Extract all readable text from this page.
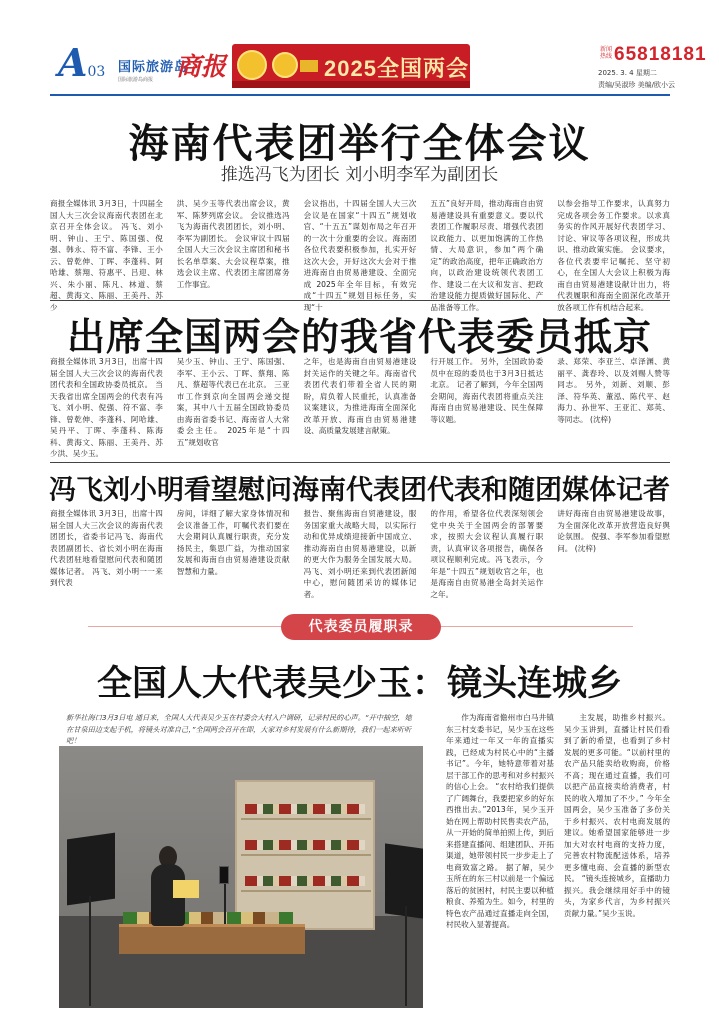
A03 国际旅游岛
商报
国际旅游岛商报	2025全国两会
新闻热线 65818181
2025. 3. 4 星期二
责编/吴淑珍 美编/欧小云
海南代表团举行全体会议
推选冯飞为团长 刘小明李军为副团长
商报全媒体讯 3月3日，十四届全国人大三次会议海南代表团在北京召开全体会议。 冯飞、刘小明、钟山、王宁、陈国强、倪强、韩永、符不富、李锋、王小云、曾乾伸、丁晖、李蓬科、阿哈雄、蔡翔、符惠平、吕迎、林兴、朱小丽、陈凡、林道、蔡超、黄海文、陈丽、王美丹、苏少
洪、吴少玉等代表出席会议，黄军、陈梦列席会议。 会议推选冯飞为海南代表团团长，刘小明、李军为副团长。 会议审议十四届全国人大三次会议主席团和秘书长名单草案、大会议程草案，推选会议主席、代表团主席团席务工作事宜。
会议指出，十四届全国人大三次会议是在国家“十四五”规划收官、“十五五”谋划布局之年召开的一次十分重要的会议。海南团各位代表要积极参加，扎实开好这次大会，开好这次大会对于推进海南自由贸易港建设、全面完成 2025年全年目标，有效完成“十四五”规划目标任务，实现“十
五五”良好开局，推动海南自由贸易港建设具有重要意义。要以代表团工作履职尽责、增强代表团议政能力、以更加饱满的工作热情、大局意识，参加“两个确定”的政治高度，把年正确政治方向，以政治建设统领代表团工作、建设二在大议和发言、把政治建设能力提质做好国际化、产品准备等工作。
以参会指导工作要求，认真努力完成各项会务工作要求。以求真务实的作风开展好代表团学习、讨论、审议等各项议程，形成共识、推动政策实施。 会议要求，各位代表要牢记嘱托、坚守初心，在全国人大会议上积极为海南自由贸易港建设献计出力，将代表履职和海南全面深化改革开放各项工作有机结合起来。
出席全国两会的我省代表委员抵京
商报全媒体讯 3月3日，出席十四届全国人大三次会议的海南代表团代表和全国政协委员抵京。 当天我省出席全国两会的代表有冯飞、刘小明、倪强、符不富、李锋、曾乾伸、李蓬科、阿哈雄、吴丹平、丁晖、李蓬科、陈海科、黄海文、陈丽、王美丹、苏少洪、吴少玉。
吴少玉、钟山、王宁、陈国强、李军、王小云、丁晖、蔡翔、陈凡、蔡超等代表已在北京。 三亚市工作到京向全国两会递交提案，其中八十五届全国政协委员由海南省委书记、海南省人大常委会主任。 2025年是“十四五”规划收官
之年，也是海南自由贸易港建设封关运作的关键之年。海南省代表团代表们带着全省人民的期盼，肩负着人民重托，认真准备议案建议，为推进海南全面深化改革开放、海南自由贸易港建设、高质量发展建言献策。
行开展工作。 另外，全国政协委员中在琼的委员也于3月3日抵达北京。 记者了解到，今年全国两会期间，海南代表团将重点关注海南自由贸易港建设、民生保障等议题。
录、郑荣、李亚兰、卓泽渊、黄丽平、龚春玲、以及刘赐人赞等同志。 另外，刘新、刘顺、彭泽、符华英、董泓、陈代平、赵海力、孙世军、王亚汇、郑英、等同志。 (沈梓)
冯飞刘小明看望慰问海南代表团代表和随团媒体记者
商报全媒体讯 3月3日，出席十四届全国人大三次会议的海南代表团团长，省委书记冯飞、海南代表团副团长、省长刘小明在海南代表团驻地看望慰问代表和随团媒体记者。 冯飞、刘小明一一来到代表
房间，详细了解大家身体情况和会议准备工作，叮嘱代表们要在大会期间认真履行职责，充分发扬民主，集思广益，为推动国家发展和海南自由贸易港建设贡献智慧和力量。
报告、聚焦海南自贸港建设，服务国家重大战略大局，以实际行动和优异成绩迎接新中国成立、推动海南自由贸易港建设，以新的更大作为服务全国发展大局。 冯飞、刘小明还来到代表团新闻中心，慰问随团采访的媒体记者。
的作用，希望各位代表深刻领会党中央关于全国两会的部署要求，按照大会议程认真履行职责，认真审议各项报告，确保各项议程顺利完成。冯飞表示，今年是“十四五”规划收官之年，也是海南自由贸易港全岛封关运作之年。
讲好海南自由贸易港建设故事，为全面深化改革开放营造良好舆论氛围。 倪强、李军参加看望慰问。 (沈梓)
代表委员履职录
全国人大代表吴少玉：镜头连城乡
新华社海口3月3日电 通日来，全国人大代表吴少玉在村委会大村入户调研，记录村民的心声。“开中抽空，她在甘泉田边支起手机，将镜头对准自己，”全国两会召开在即，大家对乡村发展有什么新期待，我们一起来听听吧！

作为海南省儋州市白马井镇东三村支委书记，吴少玉在这些年来通过一年又一年的直播实践，已经成为村民心中的“主播书记”。今年，她特意带着对基层干部工作的思考和对乡村振兴的信心上会。 “农村给我们提供了广阔舞台，我要把家乡的好东西推出去。”2013年，吴少玉开始在网上帮助村民售卖农产品，从一开始的简单拍照上传，到后来搭建直播间、组建团队、开拓渠道，她带领村民一步步走上了电商致富之路。 据了解，吴少玉所在的东三村以前是一个偏远落后的贫困村，村民主要以种植粮食、养殖为生。如今，村里的特色农产品通过直播走向全国，村民收入显著提高。

主发展，助推乡村振兴。 吴少玉讲到，直播让村民们看到了新的希望，也看到了乡村发展的更多可能。“以前村里的农产品只能卖给收购商，价格不高；现在通过直播，我们可以把产品直接卖给消费者，村民的收入增加了不少。” 今年全国两会，吴少玉准备了多份关于乡村振兴、农村电商发展的建议。她希望国家能够进一步加大对农村电商的支持力度，完善农村物流配送体系，培养更多懂电商、会直播的新型农民。 “镜头连接城乡，直播助力振兴。我会继续用好手中的镜头，为家乡代言，为乡村振兴贡献力量。”吴少玉说。
